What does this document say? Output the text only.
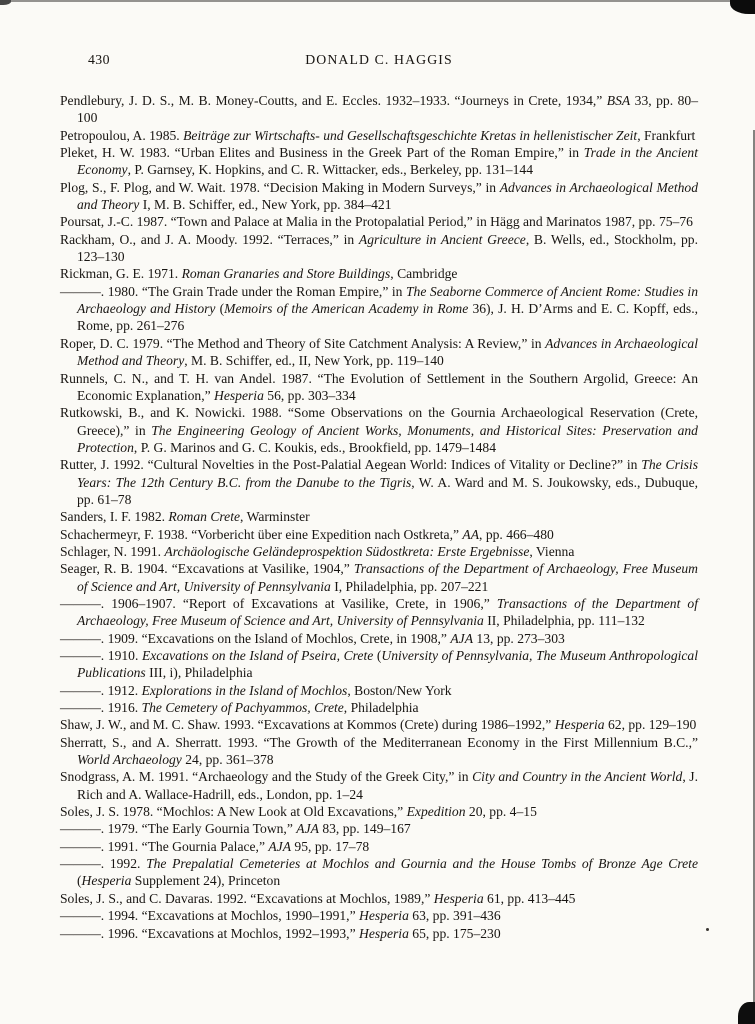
430	DONALD C. HAGGIS

Pendlebury, J. D. S., M. B. Money-Coutts, and E. Eccles. 1932–1933. “Journeys in Crete, 1934,” BSA 33, pp. 80–100

Petropoulou, A. 1985. Beiträge zur Wirtschafts- und Gesellschaftsgeschichte Kretas in hellenistischer Zeit, Frankfurt

Pleket, H. W. 1983. “Urban Elites and Business in the Greek Part of the Roman Empire,” in Trade in the Ancient Economy, P. Garnsey, K. Hopkins, and C. R. Wittacker, eds., Berkeley, pp. 131–144

Plog, S., F. Plog, and W. Wait. 1978. “Decision Making in Modern Surveys,” in Advances in Archaeological Method and Theory I, M. B. Schiffer, ed., New York, pp. 384–421

Poursat, J.-C. 1987. “Town and Palace at Malia in the Protopalatial Period,” in Hägg and Marinatos 1987, pp. 75–76

Rackham, O., and J. A. Moody. 1992. “Terraces,” in Agriculture in Ancient Greece, B. Wells, ed., Stockholm, pp. 123–130

Rickman, G. E. 1971. Roman Granaries and Store Buildings, Cambridge

———. 1980. “The Grain Trade under the Roman Empire,” in The Seaborne Commerce of Ancient Rome: Studies in Archaeology and History (Memoirs of the American Academy in Rome 36), J. H. D’Arms and E. C. Kopff, eds., Rome, pp. 261–276

Roper, D. C. 1979. “The Method and Theory of Site Catchment Analysis: A Review,” in Advances in Archaeological Method and Theory, M. B. Schiffer, ed., II, New York, pp. 119–140

Runnels, C. N., and T. H. van Andel. 1987. “The Evolution of Settlement in the Southern Argolid, Greece: An Economic Explanation,” Hesperia 56, pp. 303–334

Rutkowski, B., and K. Nowicki. 1988. “Some Observations on the Gournia Archaeological Reservation (Crete, Greece),” in The Engineering Geology of Ancient Works, Monuments, and Historical Sites: Preservation and Protection, P. G. Marinos and G. C. Koukis, eds., Brookfield, pp. 1479–1484

Rutter, J. 1992. “Cultural Novelties in the Post-Palatial Aegean World: Indices of Vitality or Decline?” in The Crisis Years: The 12th Century B.C. from the Danube to the Tigris, W. A. Ward and M. S. Joukowsky, eds., Dubuque, pp. 61–78

Sanders, I. F. 1982. Roman Crete, Warminster

Schachermeyr, F. 1938. “Vorbericht über eine Expedition nach Ostkreta,” AA, pp. 466–480

Schlager, N. 1991. Archäologische Geländeprospektion Südostkreta: Erste Ergebnisse, Vienna

Seager, R. B. 1904. “Excavations at Vasilike, 1904,” Transactions of the Department of Archaeology, Free Museum of Science and Art, University of Pennsylvania I, Philadelphia, pp. 207–221

———. 1906–1907. “Report of Excavations at Vasilike, Crete, in 1906,” Transactions of the Department of Archaeology, Free Museum of Science and Art, University of Pennsylvania II, Philadelphia, pp. 111–132

———. 1909. “Excavations on the Island of Mochlos, Crete, in 1908,” AJA 13, pp. 273–303

———. 1910. Excavations on the Island of Pseira, Crete (University of Pennsylvania, The Museum Anthropological Publications III, i), Philadelphia

———. 1912. Explorations in the Island of Mochlos, Boston/New York

———. 1916. The Cemetery of Pachyammos, Crete, Philadelphia

Shaw, J. W., and M. C. Shaw. 1993. “Excavations at Kommos (Crete) during 1986–1992,” Hesperia 62, pp. 129–190

Sherratt, S., and A. Sherratt. 1993. “The Growth of the Mediterranean Economy in the First Millennium B.C.,” World Archaeology 24, pp. 361–378

Snodgrass, A. M. 1991. “Archaeology and the Study of the Greek City,” in City and Country in the Ancient World, J. Rich and A. Wallace-Hadrill, eds., London, pp. 1–24

Soles, J. S. 1978. “Mochlos: A New Look at Old Excavations,” Expedition 20, pp. 4–15

———. 1979. “The Early Gournia Town,” AJA 83, pp. 149–167

———. 1991. “The Gournia Palace,” AJA 95, pp. 17–78

———. 1992. The Prepalatial Cemeteries at Mochlos and Gournia and the House Tombs of Bronze Age Crete (Hesperia Supplement 24), Princeton

Soles, J. S., and C. Davaras. 1992. “Excavations at Mochlos, 1989,” Hesperia 61, pp. 413–445

———. 1994. “Excavations at Mochlos, 1990–1991,” Hesperia 63, pp. 391–436

———. 1996. “Excavations at Mochlos, 1992–1993,” Hesperia 65, pp. 175–230
